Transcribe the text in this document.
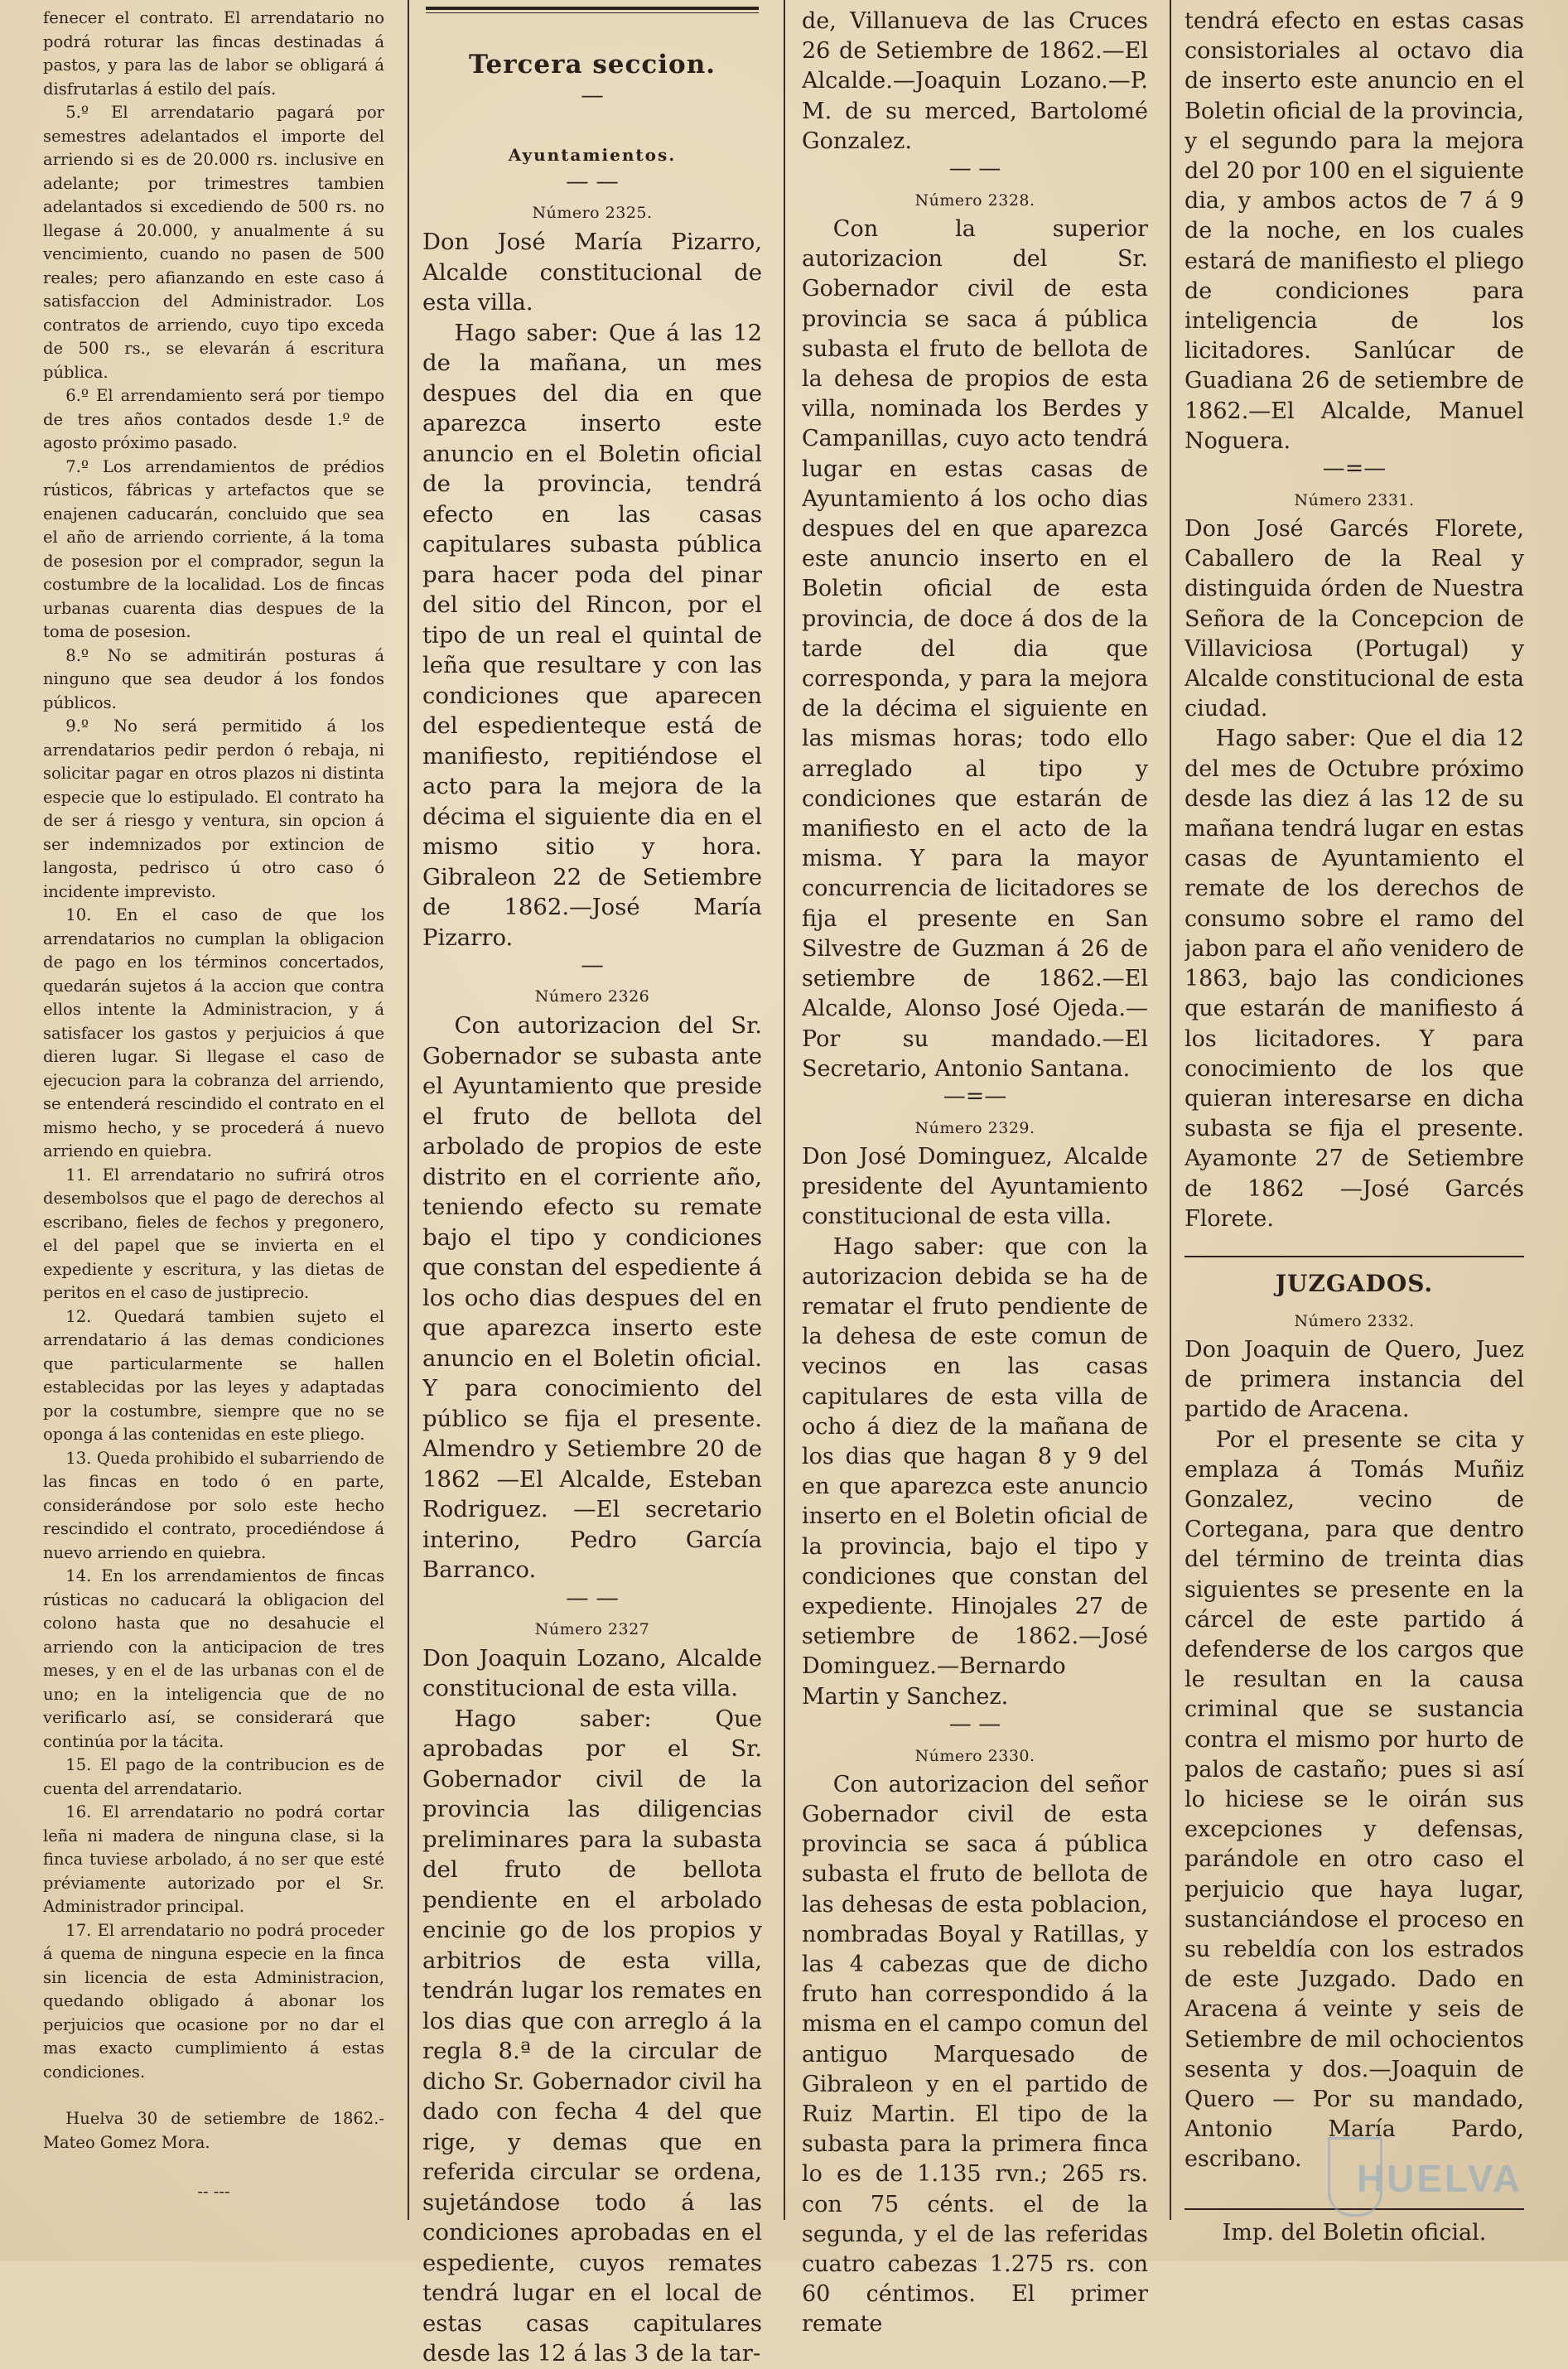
fenecer el contrato. El arrendatario no podrá roturar las fincas destinadas á pastos, y para las de labor se obligará á disfrutarlas á estilo del país.

5.º El arrendatario pagará por semestres adelantados el importe del arriendo si es de 20.000 rs. inclusive en adelante; por trimestres tambien adelantados si excediendo de 500 rs. no llegase á 20.000, y anualmente á su vencimiento, cuando no pasen de 500 reales; pero afianzando en este caso á satisfaccion del Administrador. Los contratos de arriendo, cuyo tipo exceda de 500 rs., se elevarán á escritura pública.

6.º El arrendamiento será por tiempo de tres años contados desde 1.º de agosto próximo pasado.

7.º Los arrendamientos de prédios rústicos, fábricas y artefactos que se enajenen caducarán, concluido que sea el año de arriendo corriente, á la toma de posesion por el comprador, segun la costumbre de la localidad. Los de fincas urbanas cuarenta dias despues de la toma de posesion.

8.º No se admitirán posturas á ninguno que sea deudor á los fondos públicos.

9.º No será permitido á los arrendatarios pedir perdon ó rebaja, ni solicitar pagar en otros plazos ni distinta especie que lo estipulado. El contrato ha de ser á riesgo y ventura, sin opcion á ser indemnizados por extincion de langosta, pedrisco ú otro caso ó incidente imprevisto.

10. En el caso de que los arrendatarios no cumplan la obligacion de pago en los términos concertados, quedarán sujetos á la accion que contra ellos intente la Administracion, y á satisfacer los gastos y perjuicios á que dieren lugar. Si llegase el caso de ejecucion para la cobranza del arriendo, se entenderá rescindido el contrato en el mismo hecho, y se procederá á nuevo arriendo en quiebra.

11. El arrendatario no sufrirá otros desembolsos que el pago de derechos al escribano, fieles de fechos y pregonero, el del papel que se invierta en el expediente y escritura, y las dietas de peritos en el caso de justiprecio.

12. Quedará tambien sujeto el arrendatario á las demas condiciones que particularmente se hallen establecidas por las leyes y adaptadas por la costumbre, siempre que no se oponga á las contenidas en este pliego.

13. Queda prohibido el subarriendo de las fincas en todo ó en parte, considerándose por solo este hecho rescindido el contrato, procediéndose á nuevo arriendo en quiebra.

14. En los arrendamientos de fincas rústicas no caducará la obligacion del colono hasta que no desahucie el arriendo con la anticipacion de tres meses, y en el de las urbanas con el de uno; en la inteligencia que de no verificarlo así, se considerará que continúa por la tácita.

15. El pago de la contribucion es de cuenta del arrendatario.

16. El arrendatario no podrá cortar leña ni madera de ninguna clase, si la finca tuviese arbolado, á no ser que esté préviamente autorizado por el Sr. Administrador principal.

17. El arrendatario no podrá proceder á quema de ninguna especie en la finca sin licencia de esta Administracion, quedando obligado á abonar los perjuicios que ocasione por no dar el mas exacto cumplimiento á estas condiciones.

Huelva 30 de setiembre de 1862.-Mateo Gomez Mora.

-- ---

Tercera seccion.
—
Ayuntamientos.
— —
Número 2325.

Don José María Pizarro, Alcalde constitucional de esta villa.

Hago saber: Que á las 12 de la mañana, un mes despues del dia en que aparezca inserto este anuncio en el Boletin oficial de la provincia, tendrá efecto en las casas capitulares subasta pública para hacer poda del pinar del sitio del Rincon, por el tipo de un real el quintal de leña que resultare y con las condiciones que aparecen del espedienteque está de manifiesto, repitiéndose el acto para la mejora de la décima el siguiente dia en el mismo sitio y hora. Gibraleon 22 de Setiembre de 1862.—José María Pizarro.

—
Número 2326

Con autorizacion del Sr. Gobernador se subasta ante el Ayuntamiento que preside el fruto de bellota del arbolado de propios de este distrito en el corriente año, teniendo efecto su remate bajo el tipo y condiciones que constan del espediente á los ocho dias despues del en que aparezca inserto este anuncio en el Boletin oficial. Y para conocimiento del público se fija el presente. Almendro y Setiembre 20 de 1862 —El Alcalde, Esteban Rodriguez. —El secretario interino, Pedro García Barranco.

— —
Número 2327

Don Joaquin Lozano, Alcalde constitucional de esta villa.

Hago saber: Que aprobadas por el Sr. Gobernador civil de la provincia las diligencias preliminares para la subasta del fruto de bellota pendiente en el arbolado encinie go de los propios y arbitrios de esta villa, tendrán lugar los remates en los dias que con arreglo á la regla 8.ª de la circular de dicho Sr. Gobernador civil ha dado con fecha 4 del que rige, y demas que en referida circular se ordena, sujetándose todo á las condiciones aprobadas en el espediente, cuyos remates tendrá lugar en el local de estas casas capitulares desde las 12 á las 3 de la tar-

de, Villanueva de las Cruces 26 de Setiembre de 1862.—El Alcalde.—Joaquin Lozano.—P. M. de su merced, Bartolomé Gonzalez.

— —
Número 2328.

Con la superior autorizacion del Sr. Gobernador civil de esta provincia se saca á pública subasta el fruto de bellota de la dehesa de propios de esta villa, nominada los Berdes y Campanillas, cuyo acto tendrá lugar en estas casas de Ayuntamiento á los ocho dias despues del en que aparezca este anuncio inserto en el Boletin oficial de esta provincia, de doce á dos de la tarde del dia que corresponda, y para la mejora de la décima el siguiente en las mismas horas; todo ello arreglado al tipo y condiciones que estarán de manifiesto en el acto de la misma. Y para la mayor concurrencia de licitadores se fija el presente en San Silvestre de Guzman á 26 de setiembre de 1862.—El Alcalde, Alonso José Ojeda.—Por su mandado.—El Secretario, Antonio Santana.

—=—
Número 2329.

Don José Dominguez, Alcalde presidente del Ayuntamiento constitucional de esta villa.

Hago saber: que con la autorizacion debida se ha de rematar el fruto pendiente de la dehesa de este comun de vecinos en las casas capitulares de esta villa de ocho á diez de la mañana de los dias que hagan 8 y 9 del en que aparezca este anuncio inserto en el Boletin oficial de la provincia, bajo el tipo y condiciones que constan del expediente. Hinojales 27 de setiembre de 1862.—José Dominguez.—Bernardo Martin y Sanchez.

— —
Número 2330.

Con autorizacion del señor Gobernador civil de esta provincia se saca á pública subasta el fruto de bellota de las dehesas de esta poblacion, nombradas Boyal y Ratillas, y las 4 cabezas que de dicho fruto han correspondido á la misma en el campo comun del antiguo Marquesado de Gibraleon y en el partido de Ruiz Martin. El tipo de la subasta para la primera finca lo es de 1.135 rvn.; 265 rs. con 75 cénts. el de la segunda, y el de las referidas cuatro cabezas 1.275 rs. con 60 céntimos. El primer remate

tendrá efecto en estas casas consistoriales al octavo dia de inserto este anuncio en el Boletin oficial de la provincia, y el segundo para la mejora del 20 por 100 en el siguiente dia, y ambos actos de 7 á 9 de la noche, en los cuales estará de manifiesto el pliego de condiciones para inteligencia de los licitadores. Sanlúcar de Guadiana 26 de setiembre de 1862.—El Alcalde, Manuel Noguera.

—=—
Número 2331.

Don José Garcés Florete, Caballero de la Real y distinguida órden de Nuestra Señora de la Concepcion de Villaviciosa (Portugal) y Alcalde constitucional de esta ciudad.

Hago saber: Que el dia 12 del mes de Octubre próximo desde las diez á las 12 de su mañana tendrá lugar en estas casas de Ayuntamiento el remate de los derechos de consumo sobre el ramo del jabon para el año venidero de 1863, bajo las condiciones que estarán de manifiesto á los licitadores. Y para conocimiento de los que quieran interesarse en dicha subasta se fija el presente. Ayamonte 27 de Setiembre de 1862 —José Garcés Florete.

JUZGADOS.
Número 2332.

Don Joaquin de Quero, Juez de primera instancia del partido de Aracena.

Por el presente se cita y emplaza á Tomás Muñiz Gonzalez, vecino de Cortegana, para que dentro del término de treinta dias siguientes se presente en la cárcel de este partido á defenderse de los cargos que le resultan en la causa criminal que se sustancia contra el mismo por hurto de palos de castaño; pues si así lo hiciese se le oirán sus excepciones y defensas, parándole en otro caso el perjuicio que haya lugar, sustanciándose el proceso en su rebeldía con los estrados de este Juzgado. Dado en Aracena á veinte y seis de Setiembre de mil ochocientos sesenta y dos.—Joaquin de Quero — Por su mandado, Antonio María Pardo, escribano.

Imp. del Boletin oficial.

HUELVA
